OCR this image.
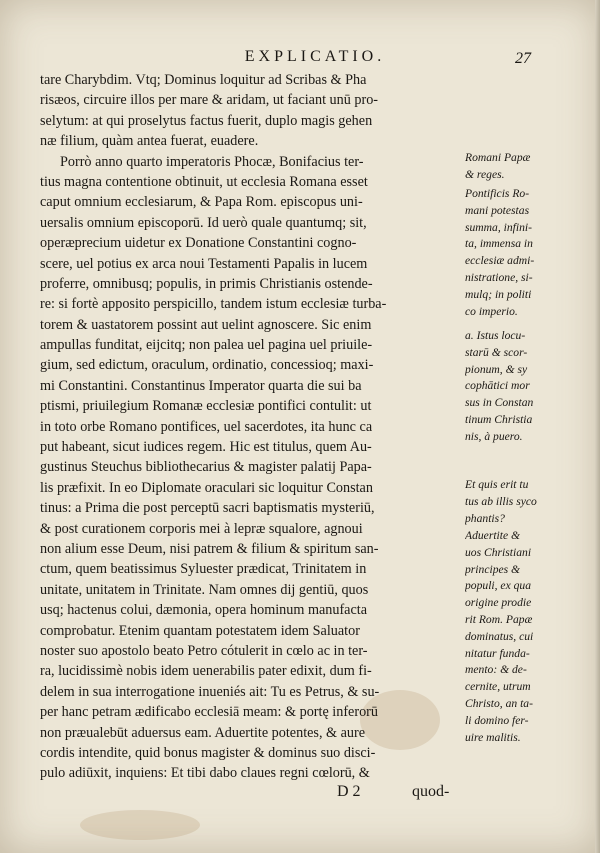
EXPLICATIO.	27
tare Charybdim. Vtq; Dominus loquitur ad Scribas & Pha
risæos, circuire illos per mare & aridam, ut faciant unū pro-
selytum: at qui proselytus factus fuerit, duplo magis gehen
næ filium, quàm antea fuerat, euadere.
Porrò anno quarto imperatoris Phocæ, Bonifacius ter-
tius magna contentione obtinuit, ut ecclesia Romana esset
caput omnium ecclesiarum, & Papa Rom. episcopus uni-
uersalis omnium episcoporū. Id uerò quale quantumq; sit,
operæprecium uidetur ex Donatione Constantini cogno-
scere, uel potius ex arca noui Testamenti Papalis in lucem
proferre, omnibusq; populis, in primis Christianis ostende-
re: si fortè apposito perspicillo, tandem istum ecclesiæ turba-
torem & uastatorem possint aut uelint agnoscere. Sic enim
ampullas funditat, eijcitq; non palea uel pagina uel priuile-
gium, sed edictum, oraculum, ordinatio, concessioq; maxi-
mi Constantini. Constantinus Imperator quarta die sui ba
ptismi, priuilegium Romanæ ecclesiæ pontifici contulit: ut
in toto orbe Romano pontifices, uel sacerdotes, ita hunc ca
put habeant, sicut iudices regem. Hic est titulus, quem Au-
gustinus Steuchus bibliothecarius & magister palatij Papa-
lis præfixit. In eo Diplomate oraculari sic loquitur Constan
tinus: a Prima die post perceptū sacri baptismatis mysteriū,
& post curationem corporis mei à lepræ squalore, agnoui
non alium esse Deum, nisi patrem & filium & spiritum san-
ctum, quem beatissimus Syluester prædicat, Trinitatem in
unitate, unitatem in Trinitate. Nam omnes dij gentiū, quos
usq; hactenus colui, dæmonia, opera hominum manufacta
comprobatur. Etenim quantam potestatem idem Saluator
noster suo apostolo beato Petro cótulerit in cœlo ac in ter-
ra, lucidissimè nobis idem uenerabilis pater edixit, dum fi-
delem in sua interrogatione inueniés ait: Tu es Petrus, & su-
per hanc petram ædificabo ecclesiā meam: & portę inferorū
non præualebūt aduersus eam. Aduertite potentes, & aure
cordis intendite, quid bonus magister & dominus suo disci-
pulo adiūxit, inquiens: Et tibi dabo claues regni cœlorū, &
Romani Papæ
& reges.
Pontificis Ro-
mani potestas
summa, infini-
ta, immensa in
ecclesiæ admi-
nistratione, si-
mulq; in politi
co imperio.
a. Istus locu-
starū & scor-
pionum, & sy
cophātici mor
sus in Constan
tinum Christia
nis, à puero.
Et quis erit tu
tus ab illis syco
phantis?
Aduertite &
uos Christiani
principes &
populi, ex qua
origine prodie
rit Rom. Papæ
dominatus, cui
nitatur funda-
mento: & de-
cernite, utrum
Christo, an ta-
li domino fer-
uire malitis.
D 2	quod-
